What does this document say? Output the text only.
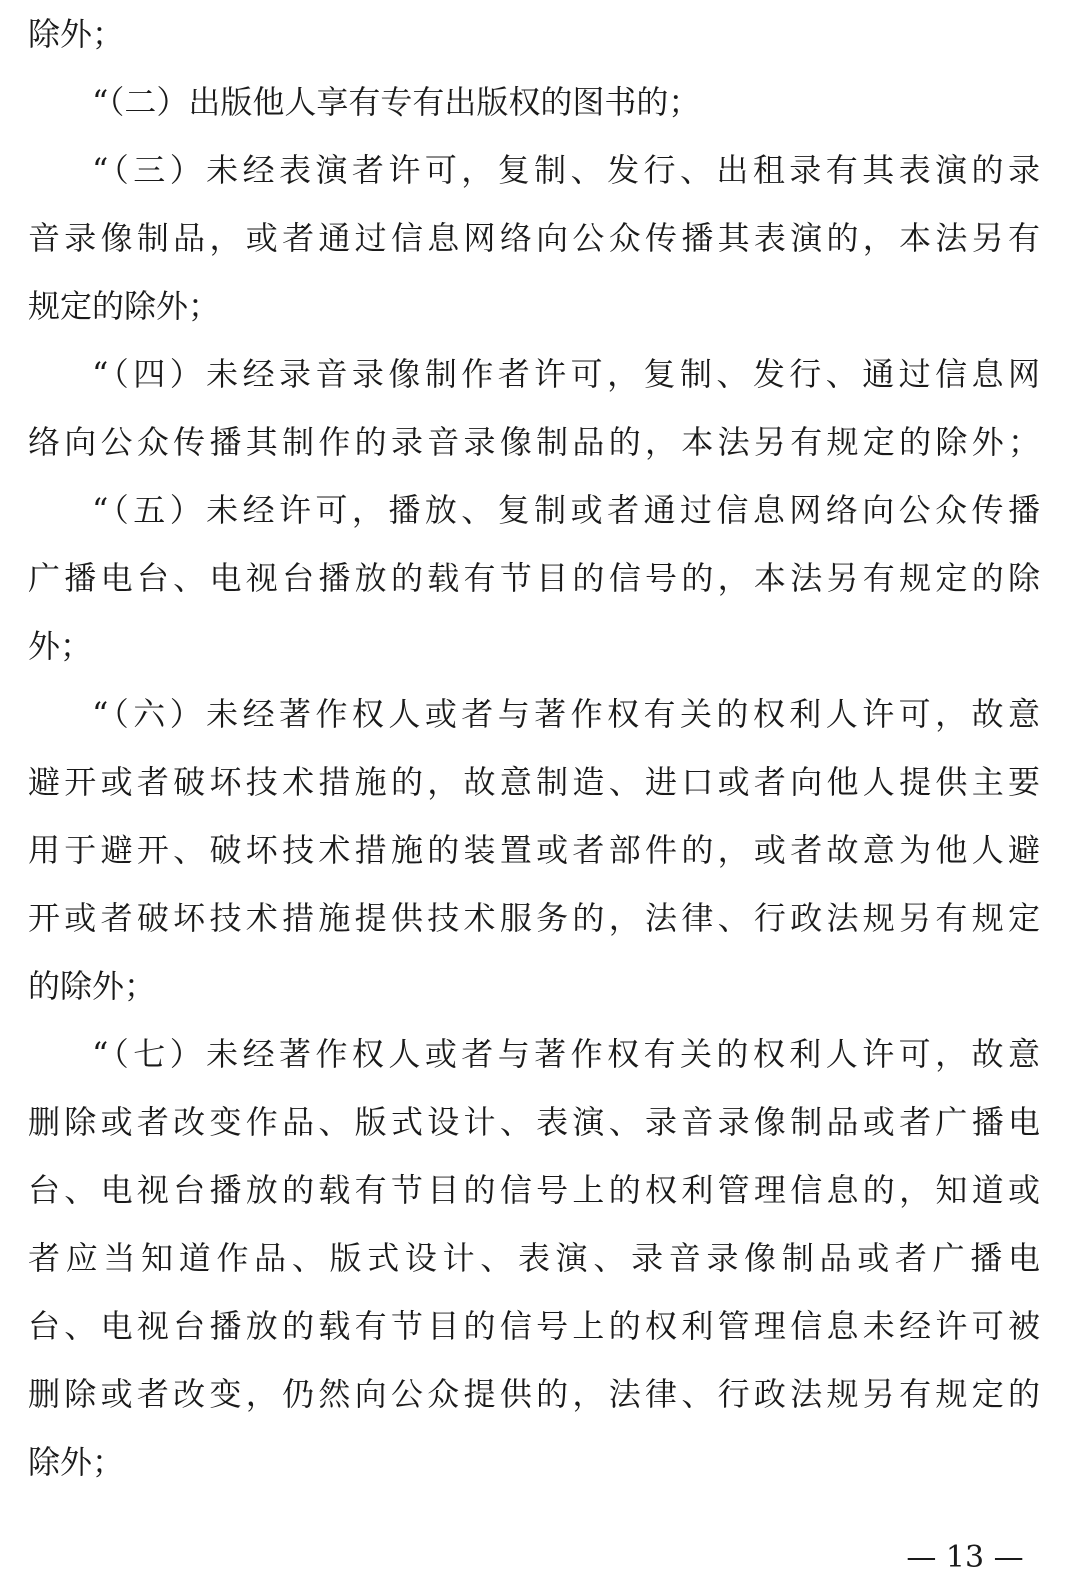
除外；
“（二）出版他人享有专有出版权的图书的；
“（三）未经表演者许可，复制、发行、出租录有其表演的录
音录像制品，或者通过信息网络向公众传播其表演的，本法另有
规定的除外；
“（四）未经录音录像制作者许可，复制、发行、通过信息网
络向公众传播其制作的录音录像制品的，本法另有规定的除外；
“（五）未经许可，播放、复制或者通过信息网络向公众传播
广播电台、电视台播放的载有节目的信号的，本法另有规定的除
外；
“（六）未经著作权人或者与著作权有关的权利人许可，故意
避开或者破坏技术措施的，故意制造、进口或者向他人提供主要
用于避开、破坏技术措施的装置或者部件的，或者故意为他人避
开或者破坏技术措施提供技术服务的，法律、行政法规另有规定
的除外；
“（七）未经著作权人或者与著作权有关的权利人许可，故意
删除或者改变作品、版式设计、表演、录音录像制品或者广播电
台、电视台播放的载有节目的信号上的权利管理信息的，知道或
者应当知道作品、版式设计、表演、录音录像制品或者广播电
台、电视台播放的载有节目的信号上的权利管理信息未经许可被
删除或者改变，仍然向公众提供的，法律、行政法规另有规定的
除外；
— 13 —
